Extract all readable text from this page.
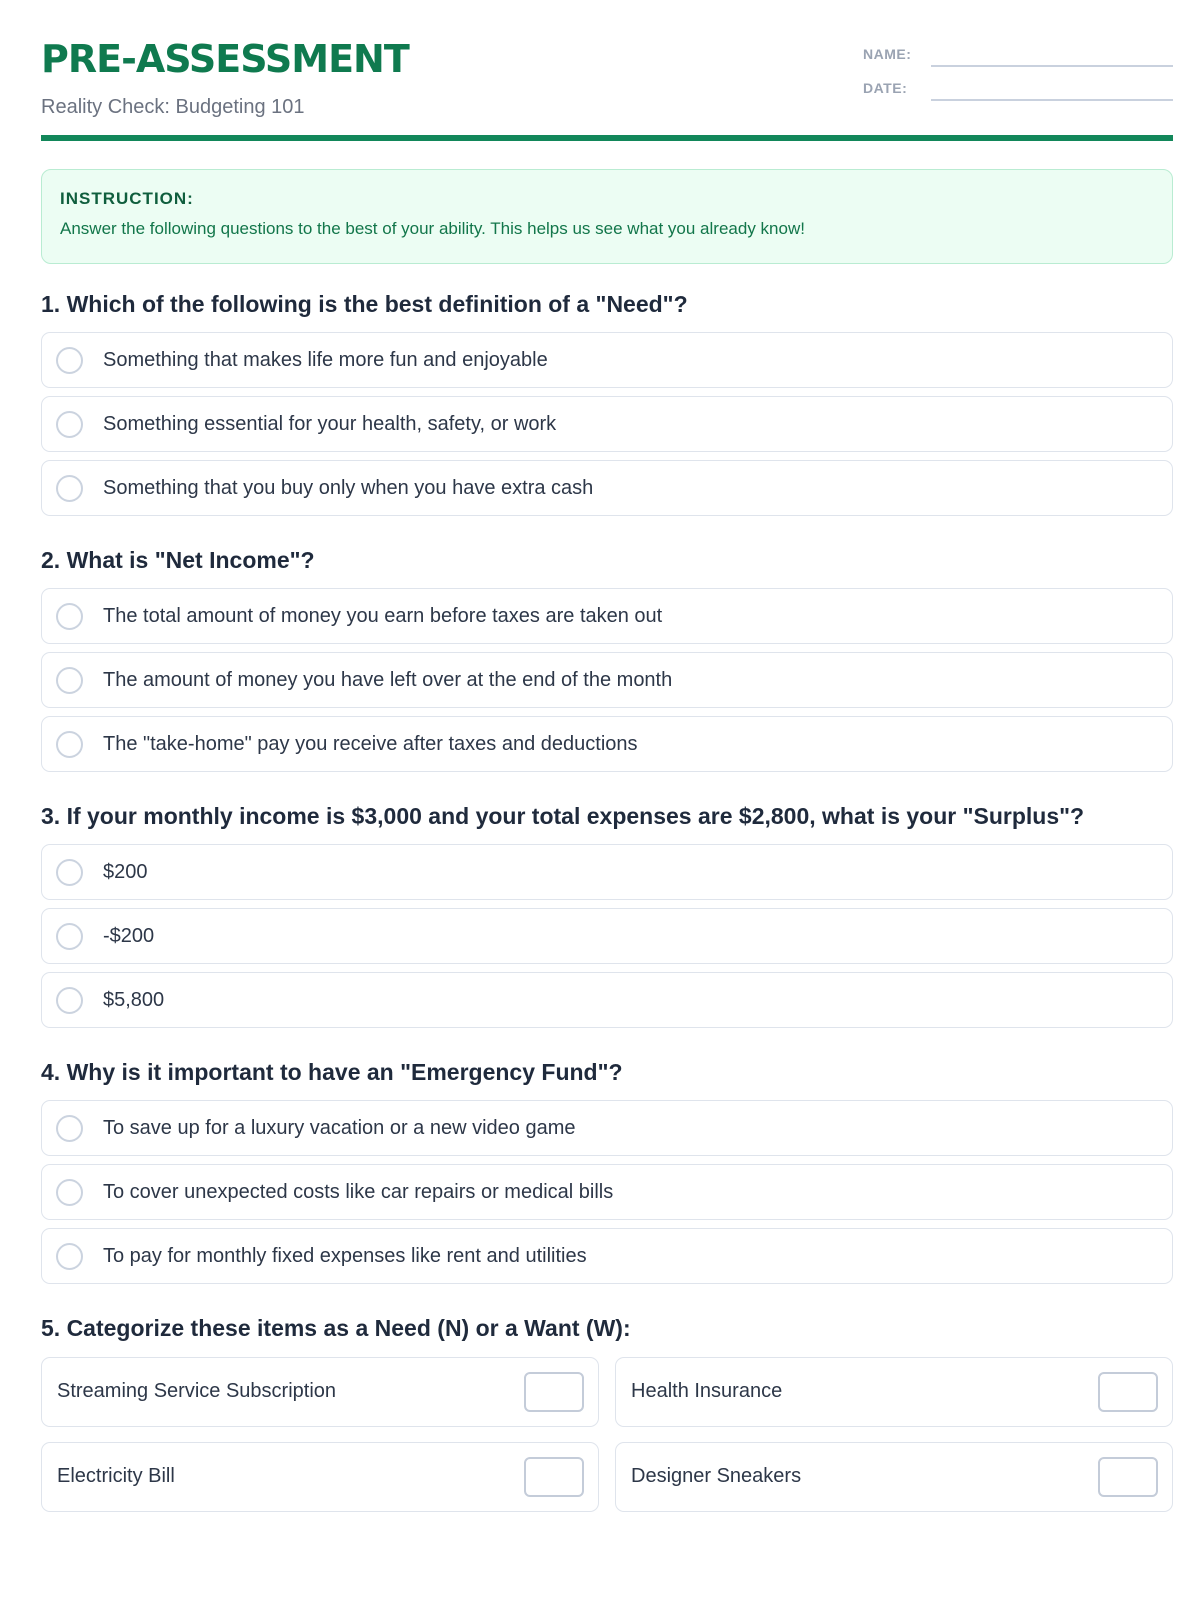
PRE-ASSESSMENT
Reality Check: Budgeting 101
NAME:
DATE:
INSTRUCTION:
Answer the following questions to the best of your ability. This helps us see what you already know!
1. Which of the following is the best definition of a "Need"?
Something that makes life more fun and enjoyable
Something essential for your health, safety, or work
Something that you buy only when you have extra cash
2. What is "Net Income"?
The total amount of money you earn before taxes are taken out
The amount of money you have left over at the end of the month
The "take-home" pay you receive after taxes and deductions
3. If your monthly income is $3,000 and your total expenses are $2,800, what is your "Surplus"?
$200
-$200
$5,800
4. Why is it important to have an "Emergency Fund"?
To save up for a luxury vacation or a new video game
To cover unexpected costs like car repairs or medical bills
To pay for monthly fixed expenses like rent and utilities
5. Categorize these items as a Need (N) or a Want (W):
Streaming Service Subscription	Health Insurance
Electricity Bill	Designer Sneakers
